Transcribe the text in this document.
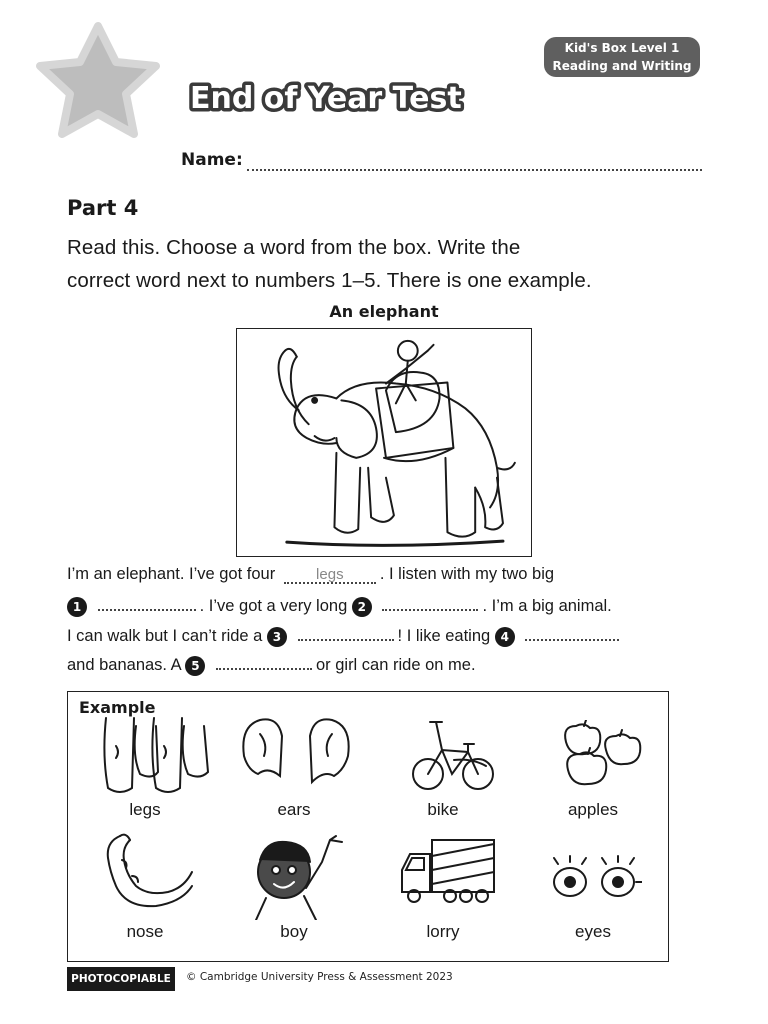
End of Year Test
Kid's Box Level 1
Reading and Writing
Name:
Part 4
Read this. Choose a word from the box. Write the
correct word next to numbers 1–5. There is one example.
An elephant
I’m an elephant. I’ve got four	legs . I listen with my two big
1	. I’ve got a very long 2	. I’m a big animal.
I can walk but I can’t ride a 3	! I like eating 4
and bananas. A 5	or girl can ride on me.
Example
legs	ears	bike	apples
nose	boy	lorry	eyes
PHOTOCOPIABLE	© Cambridge University Press & Assessment 2023
